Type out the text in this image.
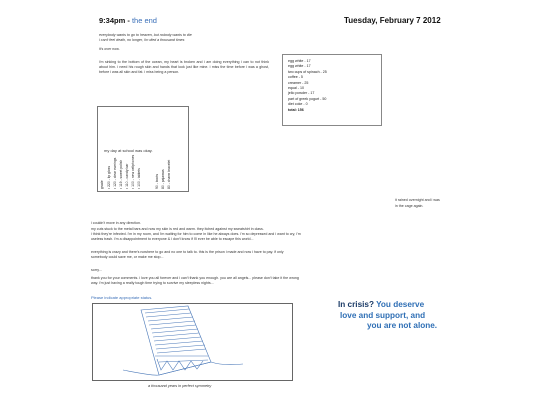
9:34pm - the end	Tuesday, February 7 2012
everybody wants to go to heaven, but nobody wants to die
i can't feel death, no longer, i'm died a thousand times
it's over now.
i'm sinking to the bottom of the ocean, my heart is broken and i am doing everything i can to not think about him. i need his rough skin and hands that look just like mine. i miss the time before i was a ghost, before i was all skin and fat. i miss being a person.
egg white - 17
egg white - 17
two cups of spinach - 25
coffee - 5
creamer - 25
equal - 10
jello powder - 17
part of greek yogurt - 50
diet coke - 0
total: 156
my day at school was okay.
grade • 220 - lip gloss • 120 - clear earrings • 119 - sweet polish • 110 - candy bar • 100 - new cellphones • 100 - tablets	90 - boots 80 - pajamas 80 - charm bracelet
it rained overnight and i was
in the cage again.
i couldn't move in any direction.
my cuts stuck to the metal bars and now my skin is red and warm. they itched against my sweatshirt in class.
i think they're infected. i'm in my room, and i'm waiting for him to come in like he always does. i'm so depressed and i want to cry, i'm useless trash. i'm a disappointment to everyone & i don't know if i'll ever be able to escape this world...
everything is crazy and there's nowhere to go and no one to talk to. this is the prison i made and now i have to pay. if only somebody could save me, or make me stop...
sorry...
thank you for your comments. i love you all forever and i can't thank you enough. you are all angels... please don't take it the wrong way. i'm just having a really tough time trying to survive my sleepless nights...
Please indicate appropriate status.
In crisis? You deserve
love and support, and
you are not alone.
a thousand years in perfect symmetry
